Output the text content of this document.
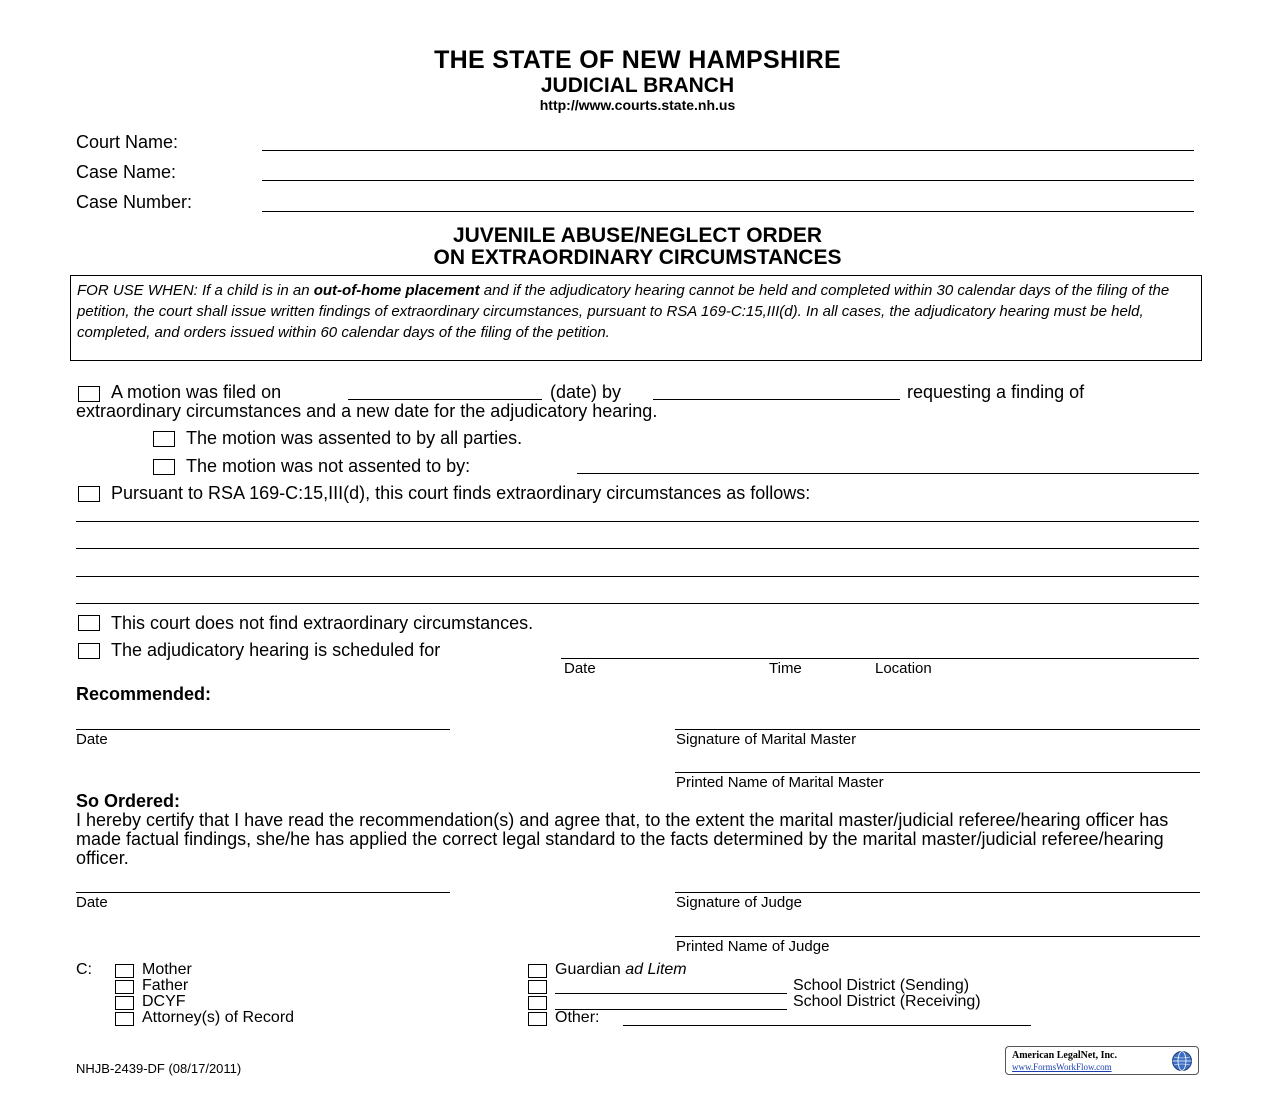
THE STATE OF NEW HAMPSHIRE
JUDICIAL BRANCH
http://www.courts.state.nh.us
Court Name:
Case Name:
Case Number:
JUVENILE ABUSE/NEGLECT ORDER
ON EXTRAORDINARY CIRCUMSTANCES
FOR USE WHEN: If a child is in an out-of-home placement and if the adjudicatory hearing cannot be held and completed within 30 calendar days of the filing of the petition, the court shall issue written findings of extraordinary circumstances, pursuant to RSA 169-C:15,III(d). In all cases, the adjudicatory hearing must be held, completed, and orders issued within 60 calendar days of the filing of the petition.
A motion was filed on	(date) by	requesting a finding of
extraordinary circumstances and a new date for the adjudicatory hearing.
The motion was assented to by all parties.
The motion was not assented to by:
Pursuant to RSA 169-C:15,III(d), this court finds extraordinary circumstances as follows:
This court does not find extraordinary circumstances.
The adjudicatory hearing is scheduled for
Date	Time	Location
Recommended:
Date	Signature of Marital Master
Printed Name of Marital Master
So Ordered:
I hereby certify that I have read the recommendation(s) and agree that, to the extent the marital master/judicial referee/hearing officer has made factual findings, she/he has applied the correct legal standard to the facts determined by the marital master/judicial referee/hearing officer.
Date	Signature of Judge
Printed Name of Judge
C:	Mother
Father
DCYF
Attorney(s) of Record
Guardian ad Litem
School District (Sending)
School District (Receiving)
Other:
NHJB-2439-DF (08/17/2011)
American LegalNet, Inc.
www.FormsWorkFlow.com
